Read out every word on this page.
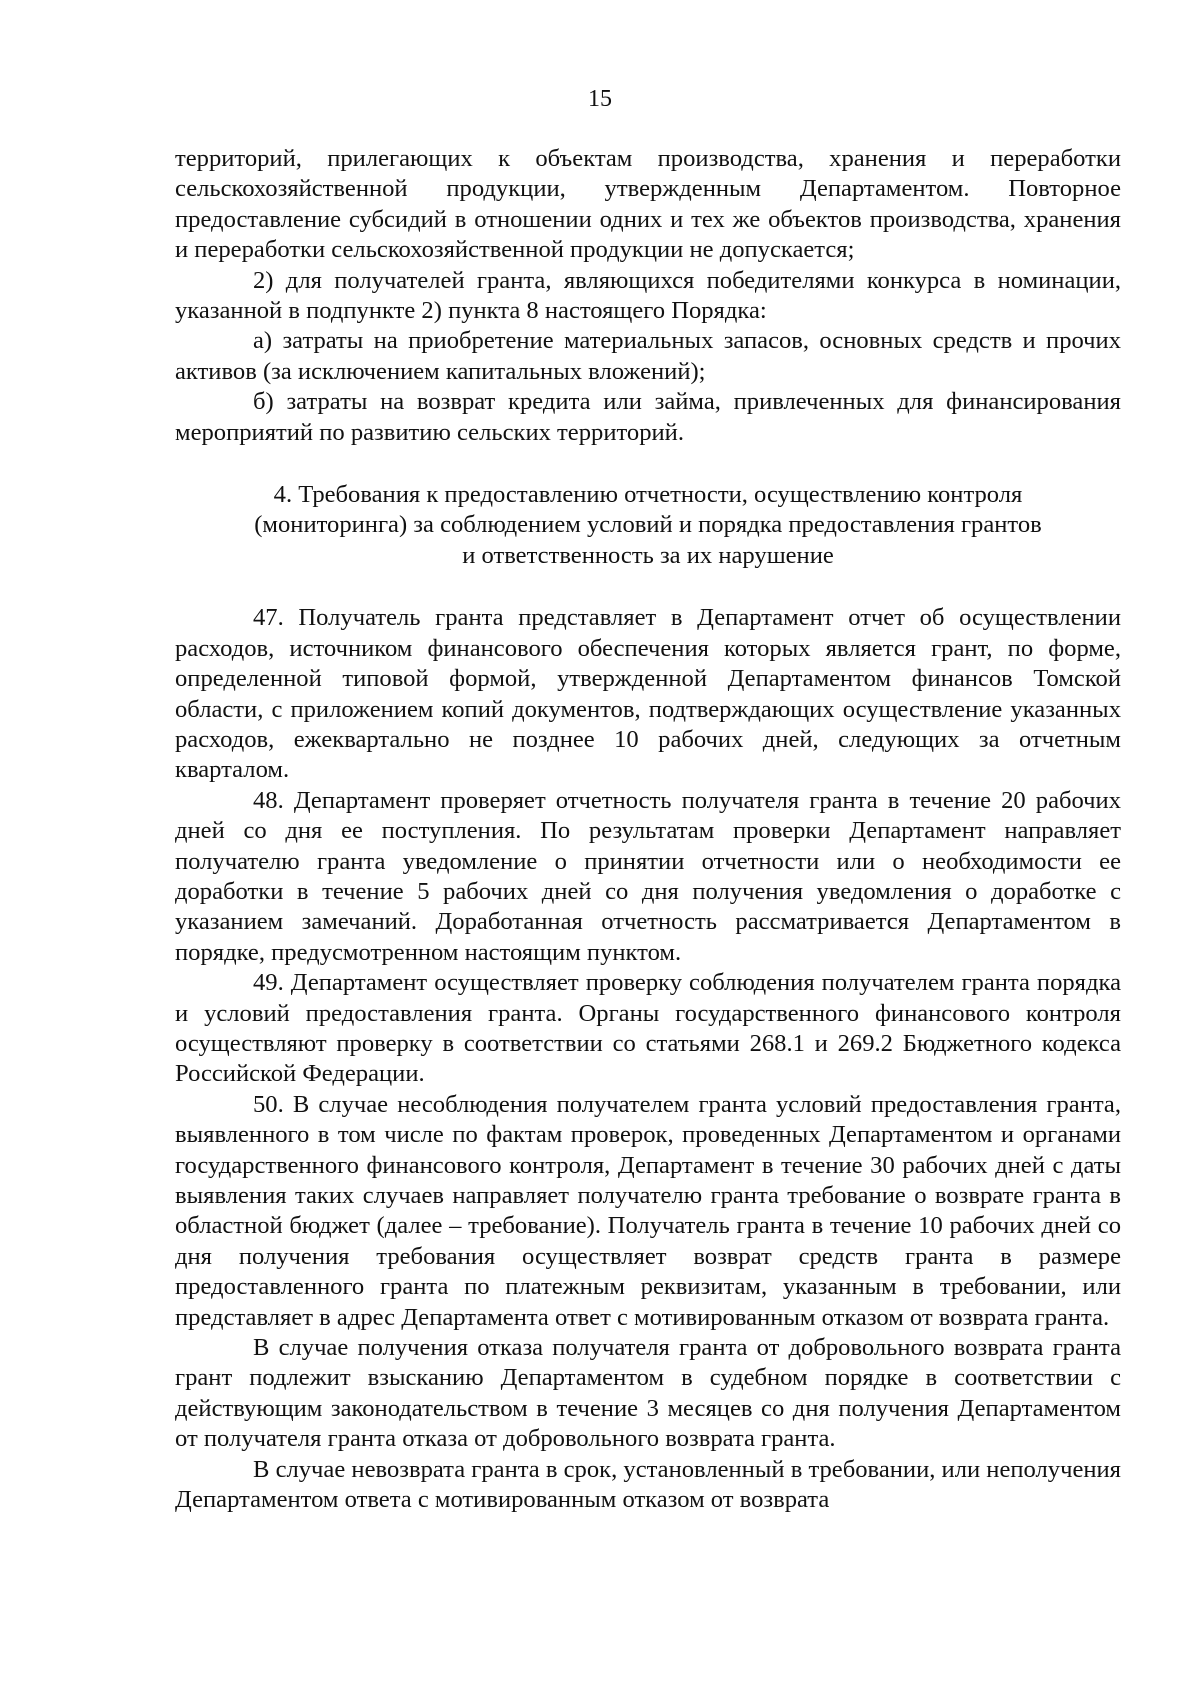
15

территорий, прилегающих к объектам производства, хранения и переработки сельскохозяйственной продукции, утвержденным Департаментом. Повторное предоставление субсидий в отношении одних и тех же объектов производства, хранения и переработки сельскохозяйственной продукции не допускается;

2) для получателей гранта, являющихся победителями конкурса в номинации, указанной в подпункте 2) пункта 8 настоящего Порядка:

а) затраты на приобретение материальных запасов, основных средств и прочих активов (за исключением капитальных вложений);

б) затраты на возврат кредита или займа, привлеченных для финансирования мероприятий по развитию сельских территорий.

4. Требования к предоставлению отчетности, осуществлению контроля
(мониторинга) за соблюдением условий и порядка предоставления грантов
и ответственность за их нарушение

47. Получатель гранта представляет в Департамент отчет об осуществлении расходов, источником финансового обеспечения которых является грант, по форме, определенной типовой формой, утвержденной Департаментом финансов Томской области, с приложением копий документов, подтверждающих осуществление указанных расходов, ежеквартально не позднее 10 рабочих дней, следующих за отчетным кварталом.

48. Департамент проверяет отчетность получателя гранта в течение 20 рабочих дней со дня ее поступления. По результатам проверки Департамент направляет получателю гранта уведомление о принятии отчетности или о необходимости ее доработки в течение 5 рабочих дней со дня получения уведомления о доработке с указанием замечаний. Доработанная отчетность рассматривается Департаментом в порядке, предусмотренном настоящим пунктом.

49. Департамент осуществляет проверку соблюдения получателем гранта порядка и условий предоставления гранта. Органы государственного финансового контроля осуществляют проверку в соответствии со статьями 268.1 и 269.2 Бюджетного кодекса Российской Федерации.

50. В случае несоблюдения получателем гранта условий предоставления гранта, выявленного в том числе по фактам проверок, проведенных Департаментом и органами государственного финансового контроля, Департамент в течение 30 рабочих дней с даты выявления таких случаев направляет получателю гранта требование о возврате гранта в областной бюджет (далее – требование). Получатель гранта в течение 10 рабочих дней со дня получения требования осуществляет возврат средств гранта в размере предоставленного гранта по платежным реквизитам, указанным в требовании, или представляет в адрес Департамента ответ с мотивированным отказом от возврата гранта.

В случае получения отказа получателя гранта от добровольного возврата гранта грант подлежит взысканию Департаментом в судебном порядке в соответствии с действующим законодательством в течение 3 месяцев со дня получения Департаментом от получателя гранта отказа от добровольного возврата гранта.

В случае невозврата гранта в срок, установленный в требовании, или неполучения Департаментом ответа с мотивированным отказом от возврата
